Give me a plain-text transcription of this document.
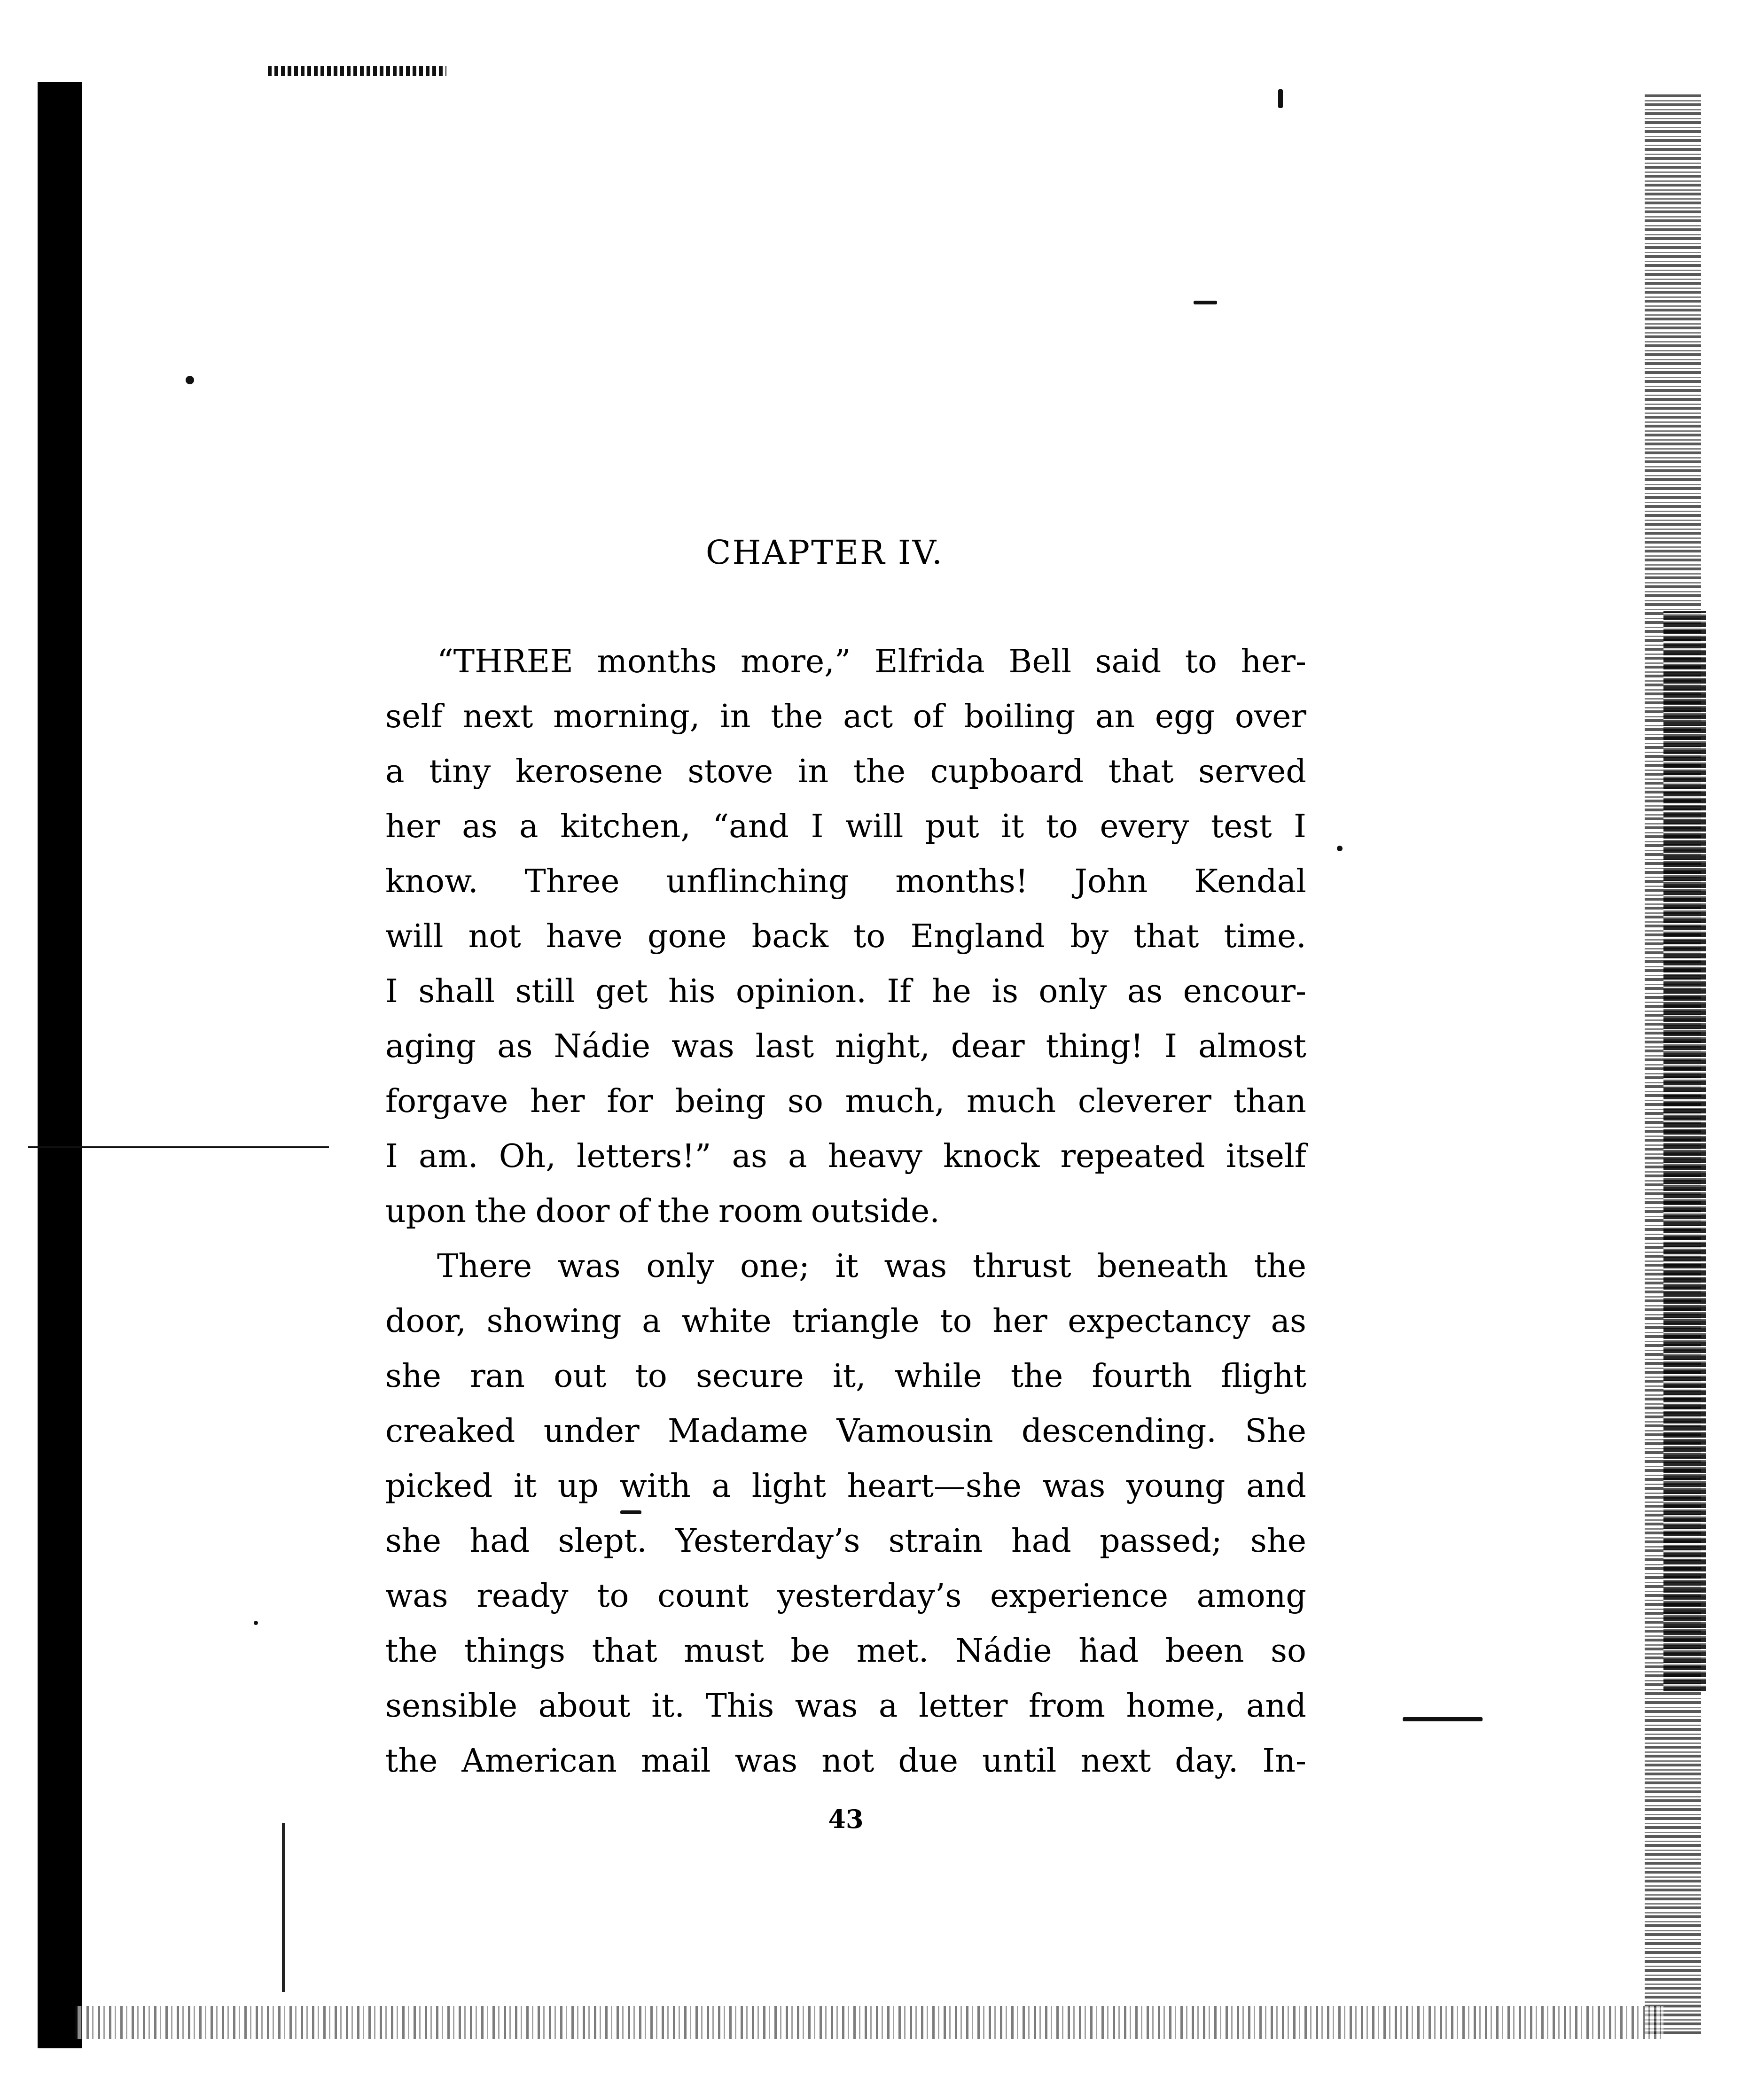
CHAPTER IV.
“THREE months more,” Elfrida Bell said to her-
self next morning, in the act of boiling an egg over
a tiny kerosene stove in the cupboard that served
her as a kitchen, “and I will put it to every test I
know. Three unflinching months! John Kendal
will not have gone back to England by that time.
I shall still get his opinion. If he is only as encour-
aging as Nádie was last night, dear thing! I almost
forgave her for being so much, much cleverer than
I am. Oh, letters!” as a heavy knock repeated itself
upon the door of the room outside.
There was only one; it was thrust beneath the
door, showing a white triangle to her expectancy as
she ran out to secure it, while the fourth flight
creaked under Madame Vamousin descending. She
picked it up with a light heart—she was young and
she had slept. Yesterday’s strain had passed; she
was ready to count yesterday’s experience among
the things that must be met. Nádie had been so
sensible about it. This was a letter from home, and
the American mail was not due until next day. In-
43
